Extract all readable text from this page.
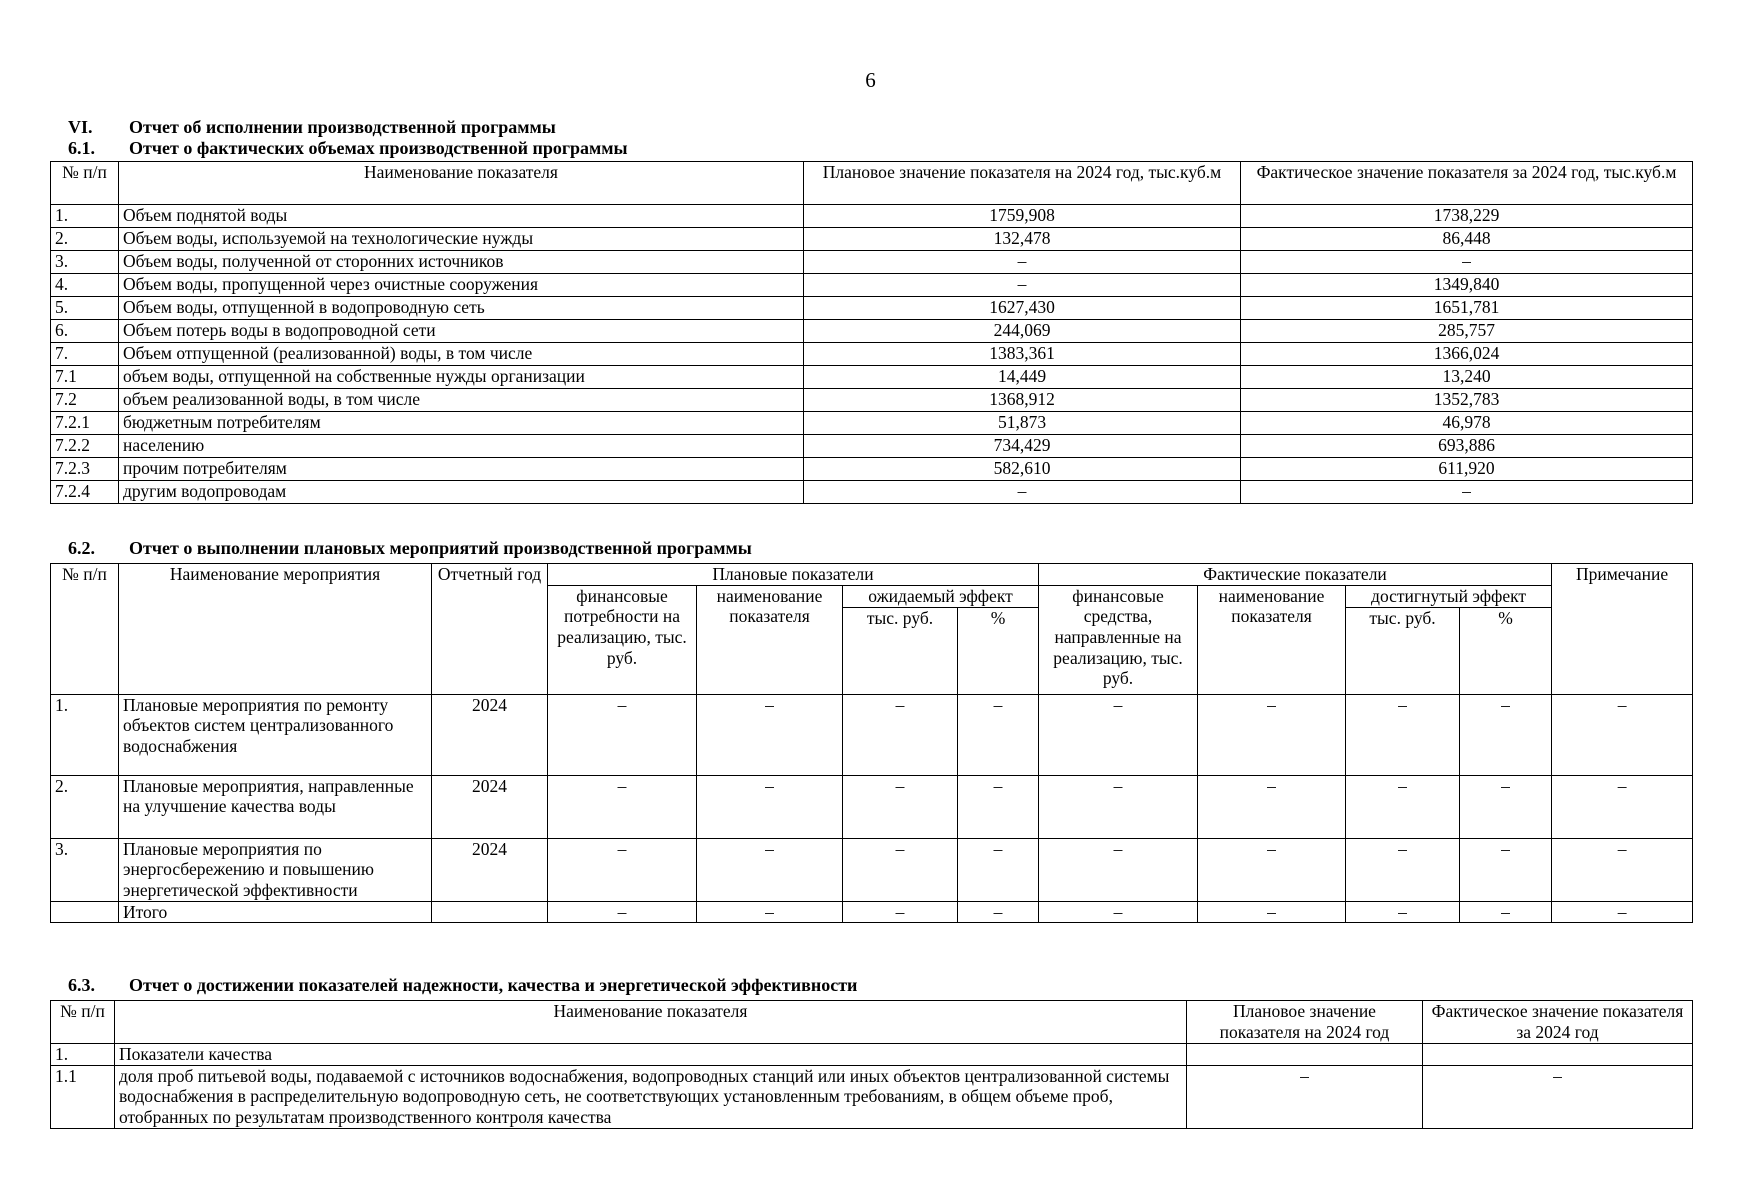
6
VI.	Отчет об исполнении производственной программы
6.1.	Отчет о фактических объемах производственной программы
№ п/п	Наименование показателя	Плановое значение показателя на 2024 год, тыс.куб.м	Фактическое значение показателя за 2024 год, тыс.куб.м
1.	Объем поднятой воды	1759,908	1738,229
2.	Объем воды, используемой на технологические нужды	132,478	86,448
3.	Объем воды, полученной от сторонних источников	–	–
4.	Объем воды, пропущенной через очистные сооружения	–	1349,840
5.	Объем воды, отпущенной в водопроводную сеть	1627,430	1651,781
6.	Объем потерь воды в водопроводной сети	244,069	285,757
7.	Объем отпущенной (реализованной) воды, в том числе	1383,361	1366,024
7.1	объем воды, отпущенной на собственные нужды организации	14,449	13,240
7.2	объем реализованной воды, в том числе	1368,912	1352,783
7.2.1	бюджетным потребителям	51,873	46,978
7.2.2	населению	734,429	693,886
7.2.3	прочим потребителям	582,610	611,920
7.2.4	другим водопроводам	–	–
6.2.	Отчет о выполнении плановых мероприятий производственной программы
№ п/п	Наименование мероприятия	Отчетный год	Плановые показатели				Фактические показатели				Примечание
			финансовые потребности на реализацию, тыс. руб.	наименование показателя	ожидаемый эффект		финансовые средства, направленные на реализацию, тыс. руб.	наименование показателя	достигнутый эффект		
					тыс. руб.	%			тыс. руб.	%	
1.	Плановые мероприятия по ремонту объектов систем централизованного водоснабжения	2024	–	–	–	–	–	–	–	–	–
2.	Плановые мероприятия, направленные на улучшение качества воды	2024	–	–	–	–	–	–	–	–	–
3.	Плановые мероприятия по энергосбережению и повышению энергетической эффективности	2024	–	–	–	–	–	–	–	–	–
	Итого		–	–	–	–	–	–	–	–	–
6.3.	Отчет о достижении показателей надежности, качества и энергетической эффективности
№ п/п	Наименование показателя	Плановое значение показателя на 2024 год	Фактическое значение показателя за 2024 год
1.	Показатели качества		
1.1	доля проб питьевой воды, подаваемой с источников водоснабжения, водопроводных станций или иных объектов централизованной системы водоснабжения в распределительную водопроводную сеть, не соответствующих установленным требованиям, в общем объеме проб, отобранных по результатам производственного контроля качества	–	–
